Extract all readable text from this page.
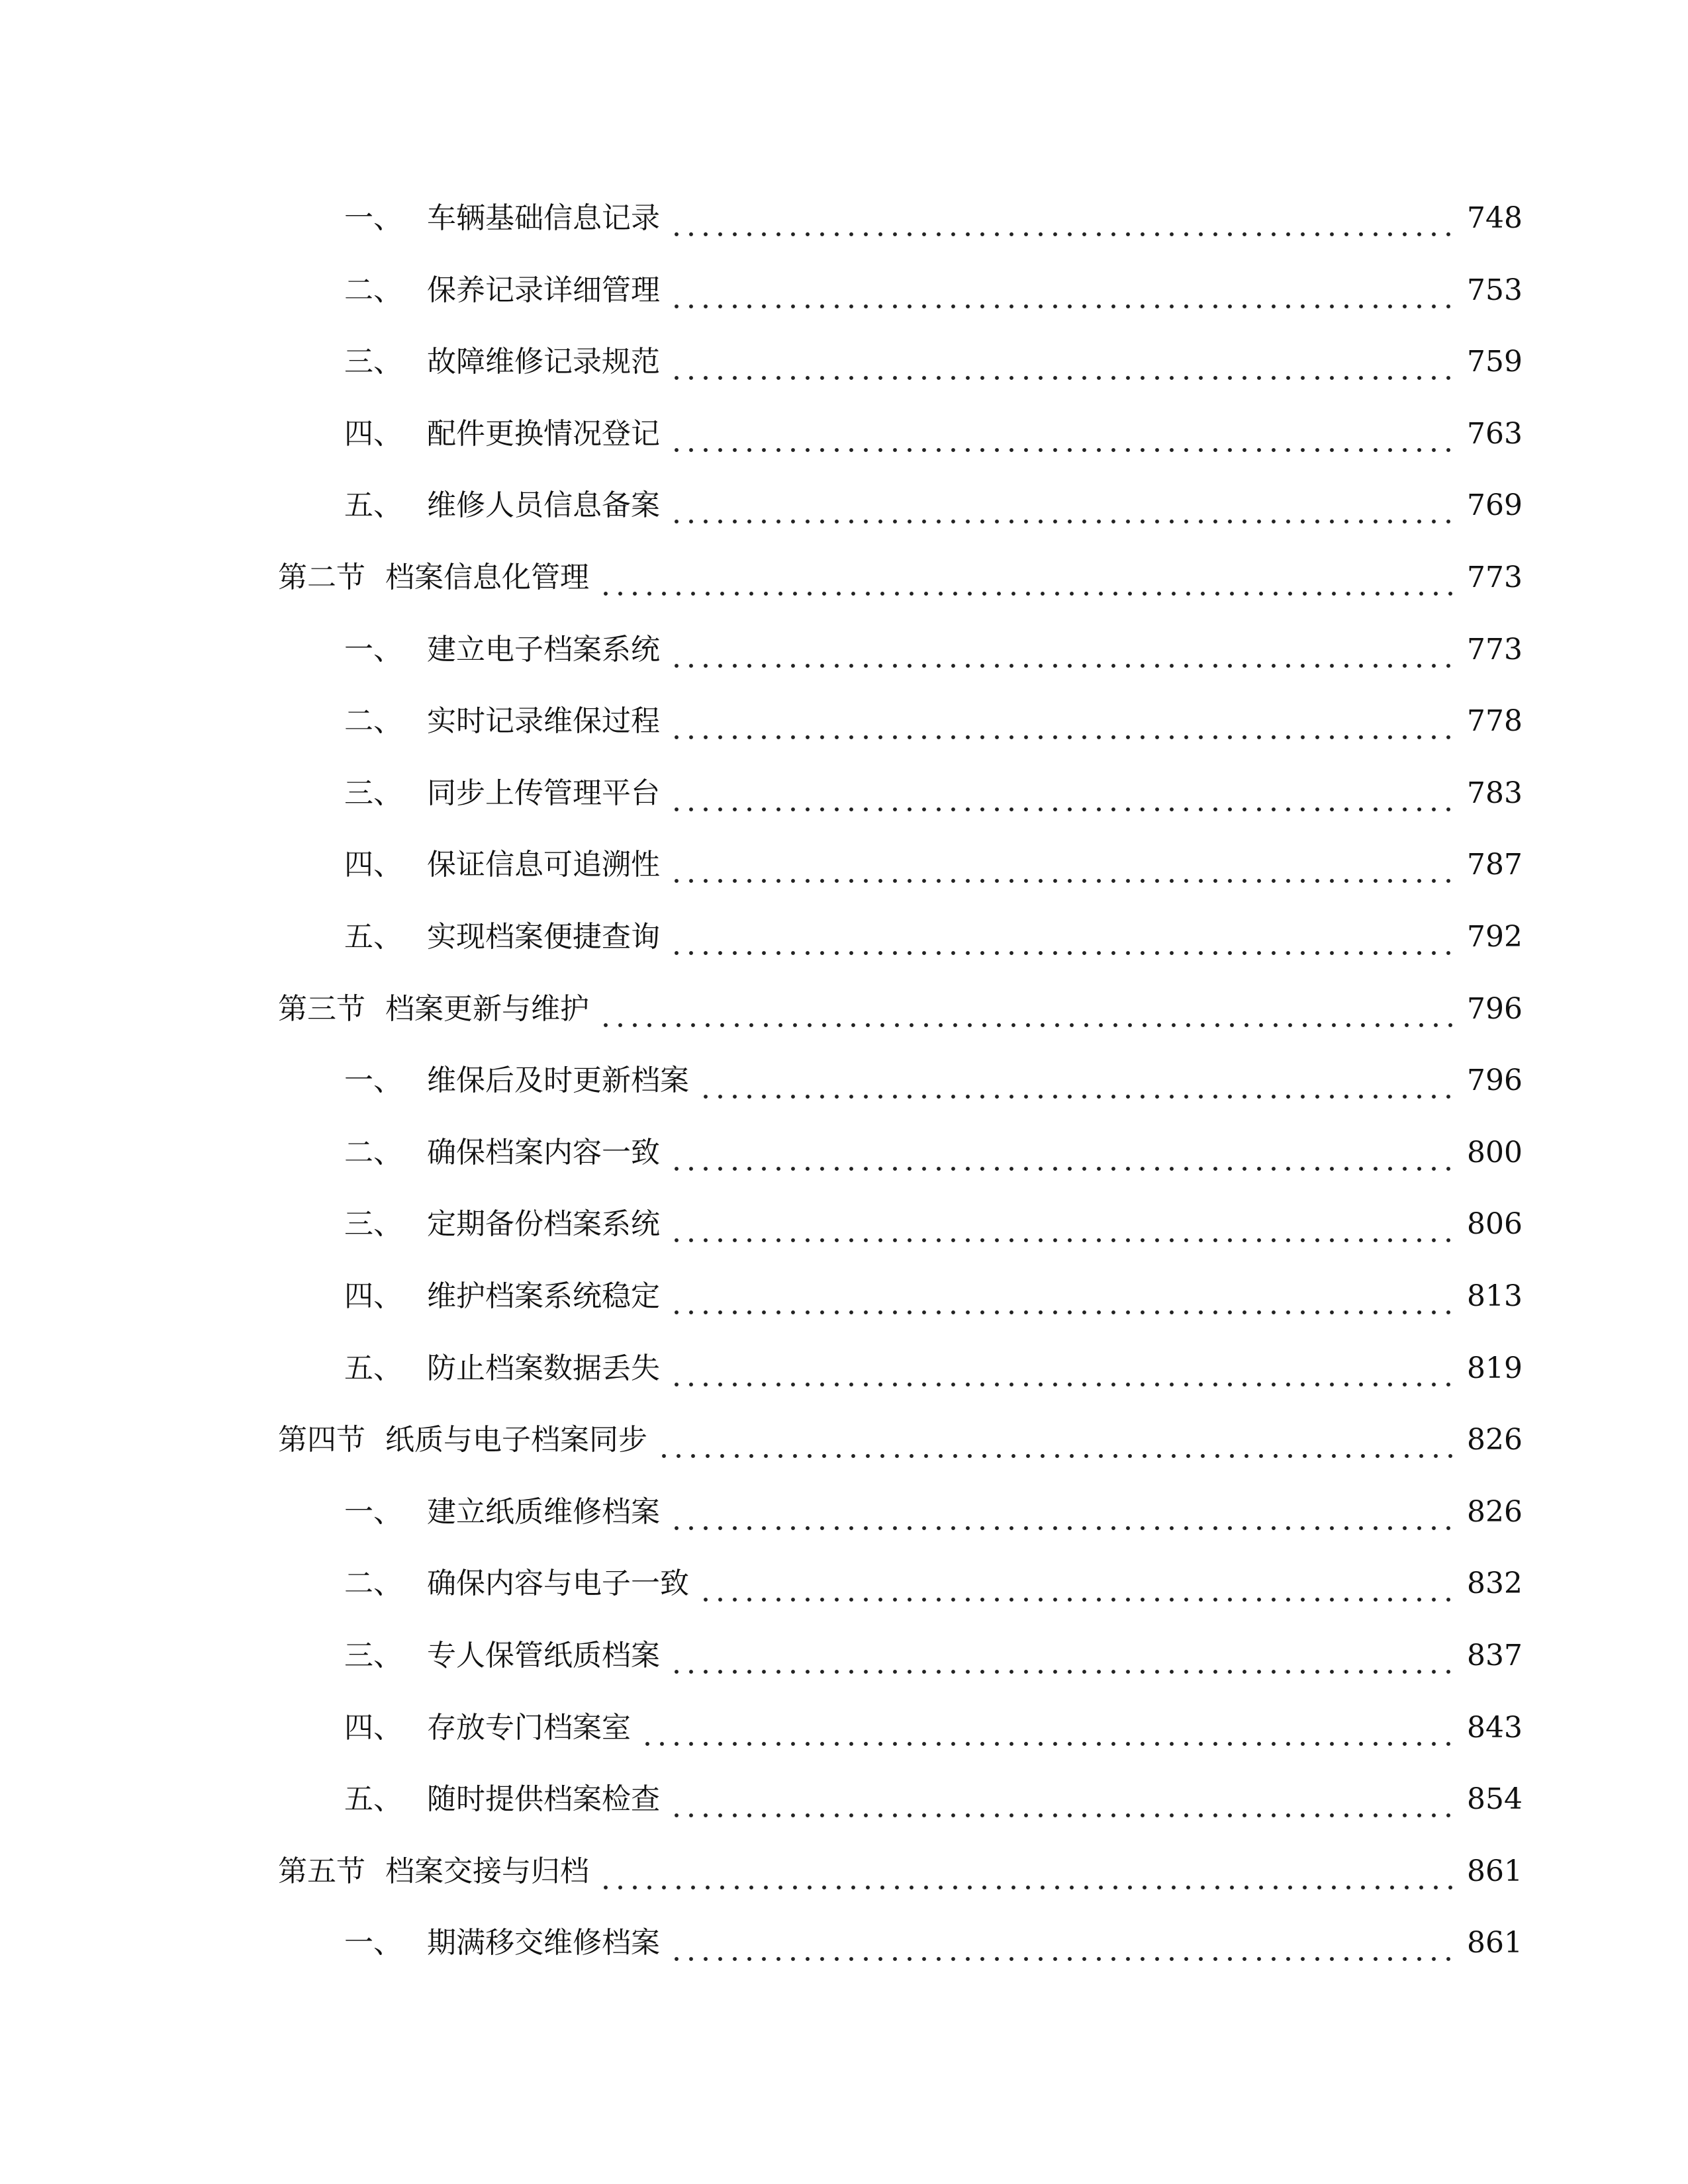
一、 车辆基础信息记录	748
二、 保养记录详细管理	753
三、 故障维修记录规范	759
四、 配件更换情况登记	763
五、 维修人员信息备案	769
第二节 档案信息化管理	773
一、 建立电子档案系统	773
二、 实时记录维保过程	778
三、 同步上传管理平台	783
四、 保证信息可追溯性	787
五、 实现档案便捷查询	792
第三节 档案更新与维护	796
一、 维保后及时更新档案	796
二、 确保档案内容一致	800
三、 定期备份档案系统	806
四、 维护档案系统稳定	813
五、 防止档案数据丢失	819
第四节 纸质与电子档案同步	826
一、 建立纸质维修档案	826
二、 确保内容与电子一致	832
三、 专人保管纸质档案	837
四、 存放专门档案室	843
五、 随时提供档案检查	854
第五节 档案交接与归档	861
一、 期满移交维修档案	861
